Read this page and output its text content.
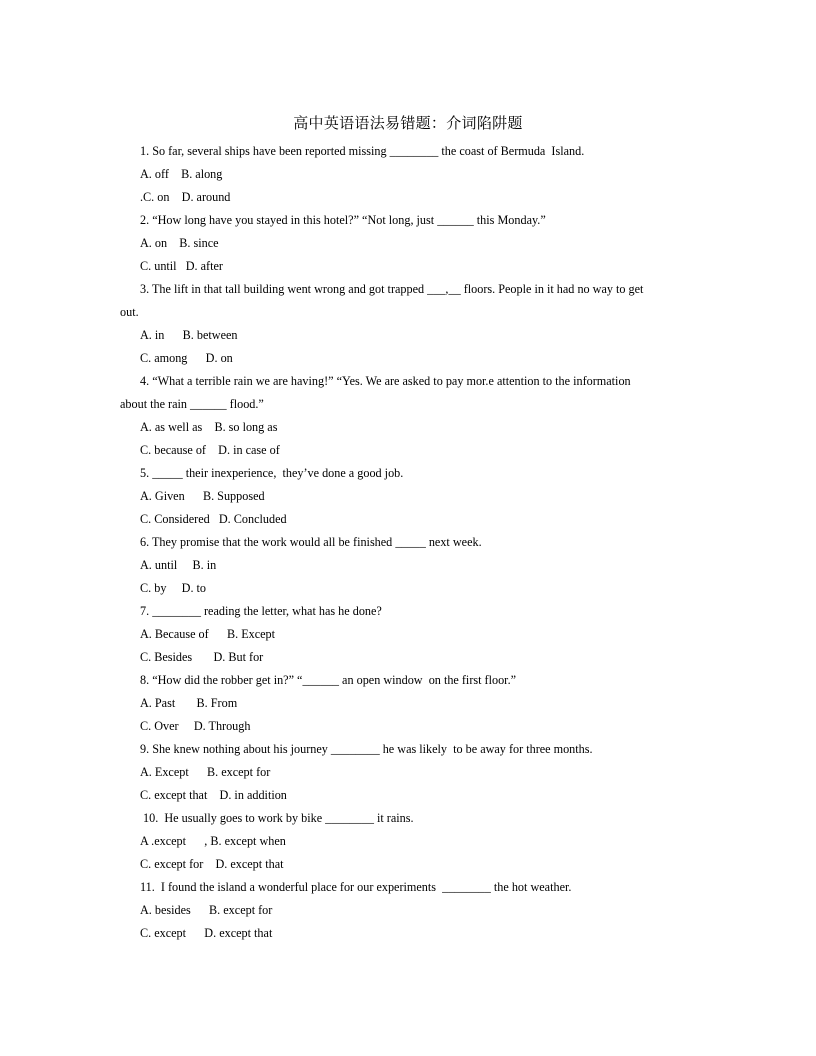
高中英语语法易错题：介词陷阱题
1. So far, several ships have been reported missing ________ the coast of Bermuda  Island.
A. off    B. along
.C. on    D. around
2. “How long have you stayed in this hotel?” “Not long, just ______ this Monday.”
A. on    B. since
C. until   D. after
3. The lift in that tall building went wrong and got trapped ___,__ floors. People in it had no way to get
out.
A. in      B. between
C. among      D. on
4. “What a terrible rain we are having!” “Yes. We are asked to pay mor.e attention to the information
about the rain ______ flood.”
A. as well as    B. so long as
C. because of    D. in case of
5. _____ their inexperience,  they’ve done a good job.
A. Given      B. Supposed
C. Considered   D. Concluded
6. They promise that the work would all be finished _____ next week.
A. until     B. in
C. by     D. to
7. ________ reading the letter, what has he done?
A. Because of      B. Except
C. Besides       D. But for
8. “How did the robber get in?” “______ an open window  on the first floor.”
A. Past       B. From
C. Over     D. Through
9. She knew nothing about his journey ________ he was likely  to be away for three months.
A. Except      B. except for
C. except that    D. in addition
10.  He usually goes to work by bike ________ it rains.
A .except      , B. except when
C. except for    D. except that
11.  I found the island a wonderful place for our experiments  ________ the hot weather.
A. besides      B. except for
C. except      D. except that
